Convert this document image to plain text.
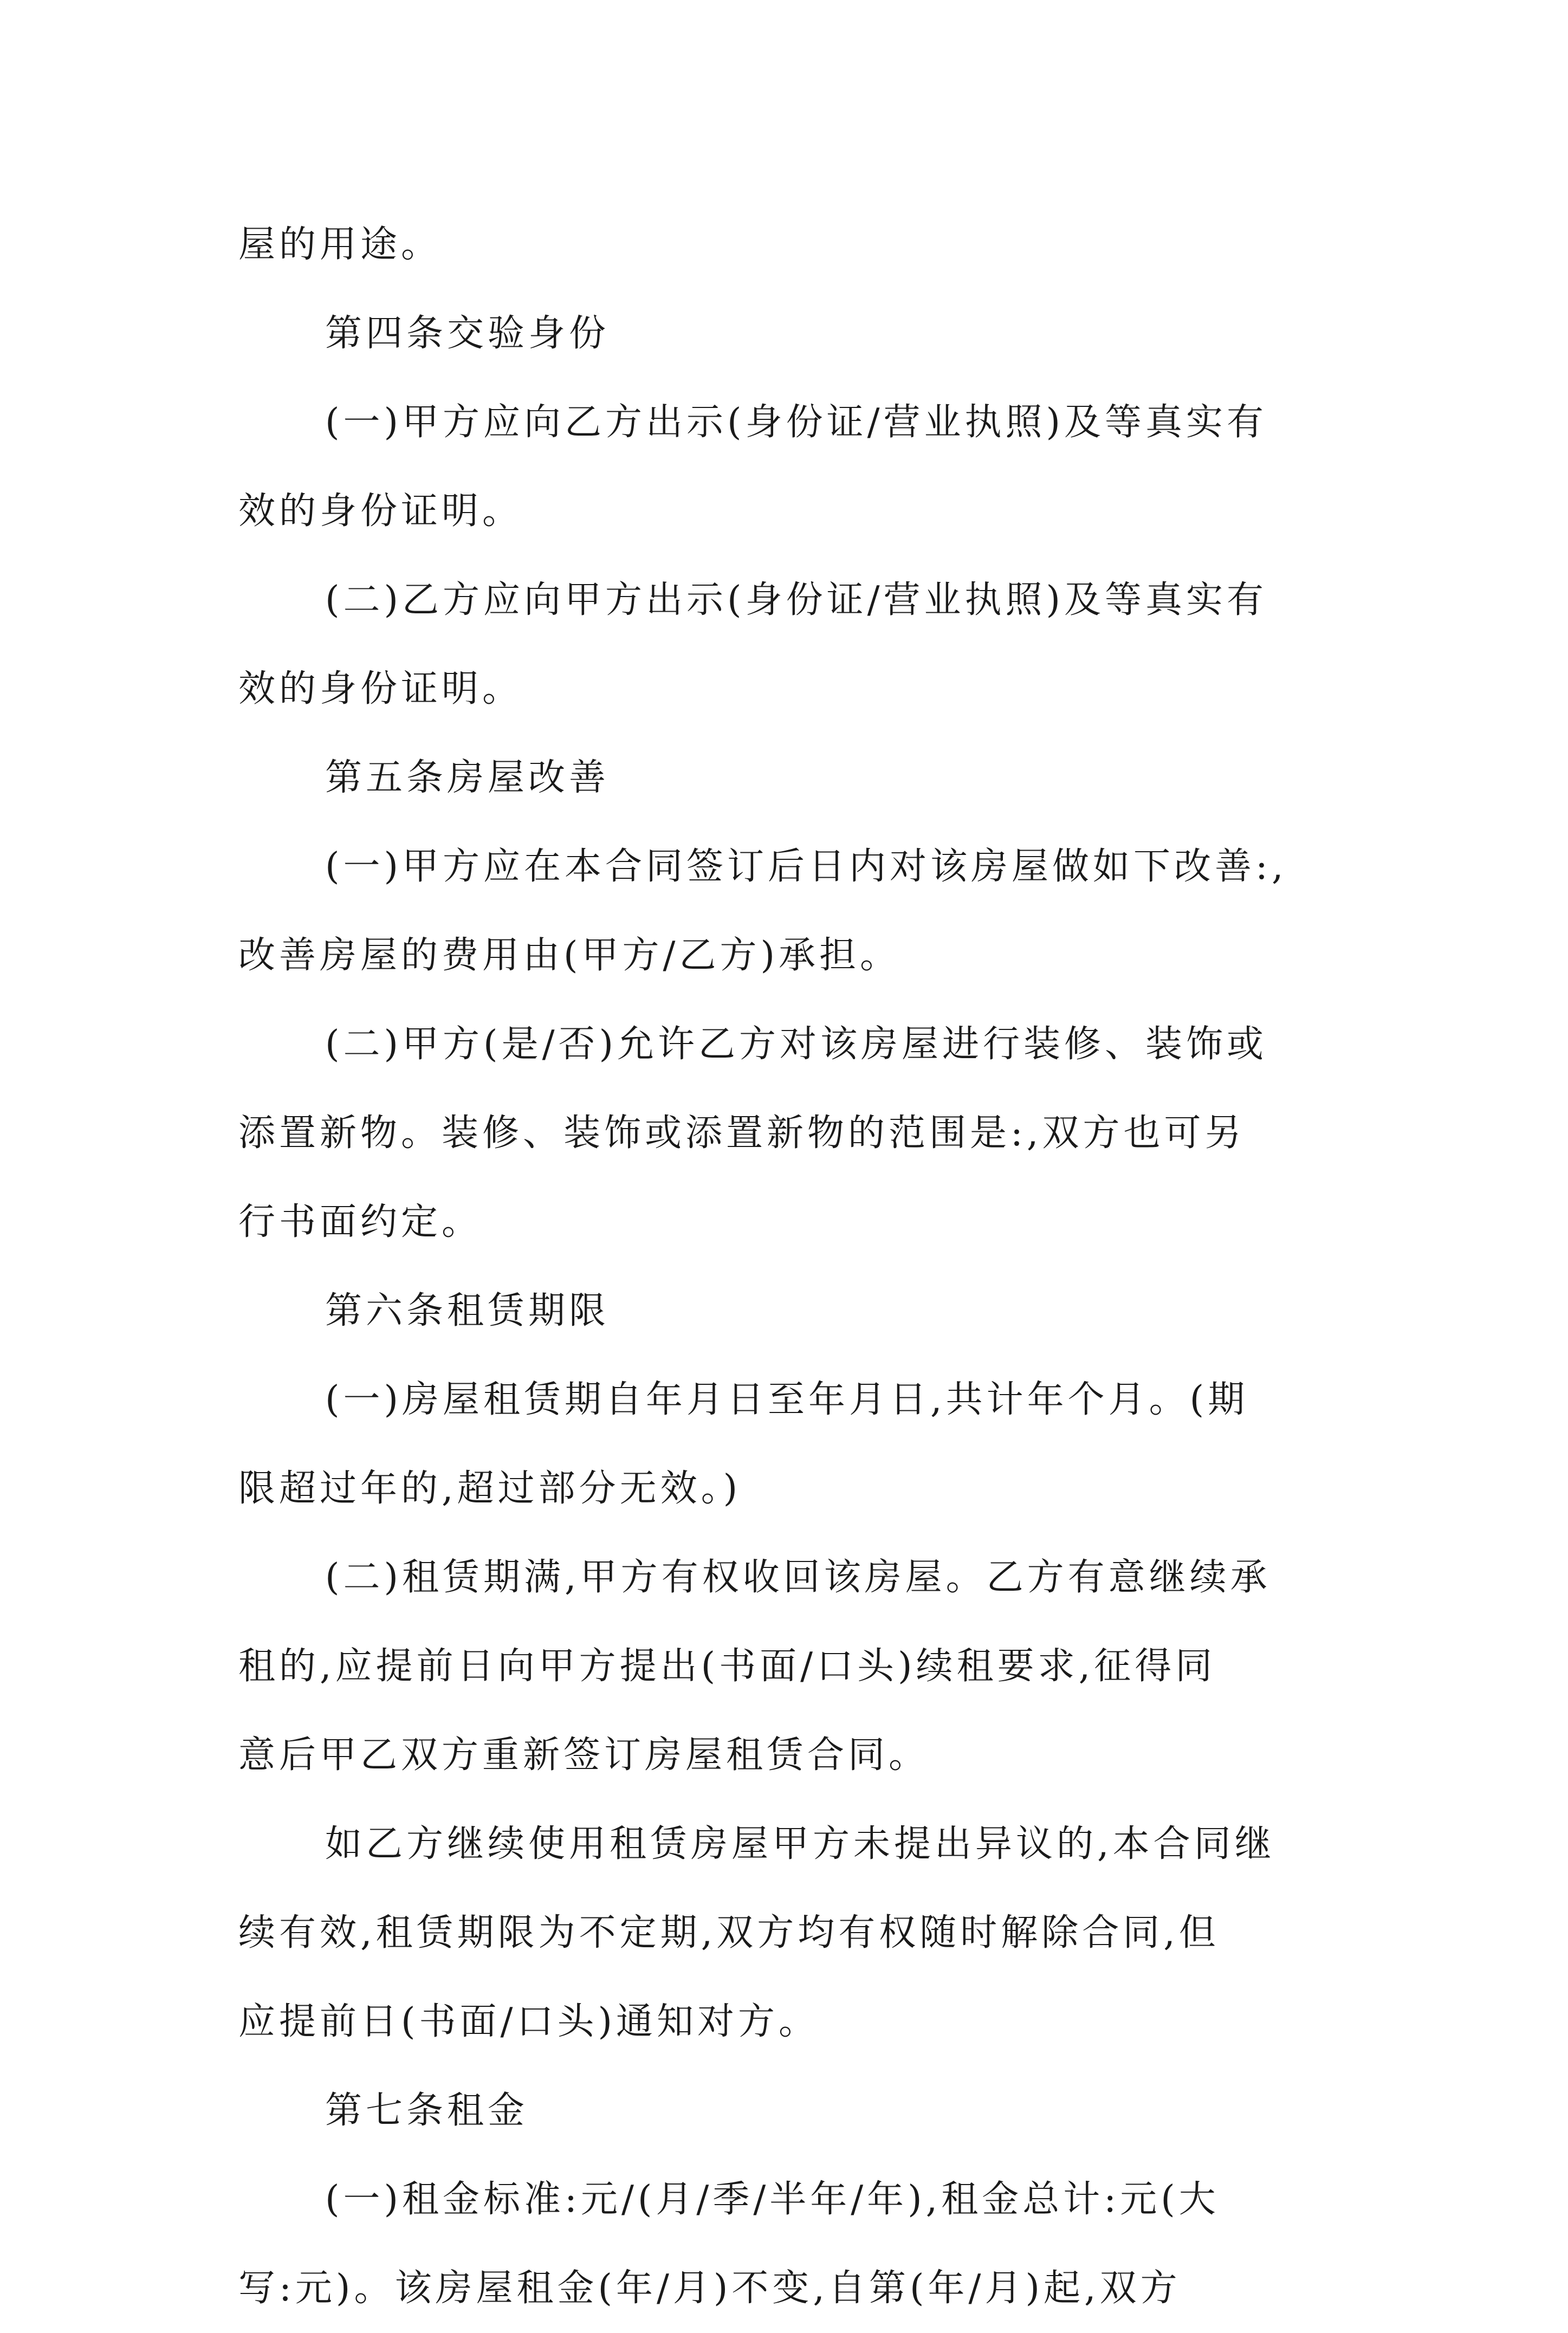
屋的用途。

第四条交验身份

(一)甲方应向乙方出示(身份证/营业执照)及等真实有

效的身份证明。

(二)乙方应向甲方出示(身份证/营业执照)及等真实有

效的身份证明。

第五条房屋改善

(一)甲方应在本合同签订后日内对该房屋做如下改善:,

改善房屋的费用由(甲方/乙方)承担。

(二)甲方(是/否)允许乙方对该房屋进行装修、装饰或

添置新物。装修、装饰或添置新物的范围是:,双方也可另

行书面约定。

第六条租赁期限

(一)房屋租赁期自年月日至年月日,共计年个月。(期

限超过年的,超过部分无效。)

(二)租赁期满,甲方有权收回该房屋。乙方有意继续承

租的,应提前日向甲方提出(书面/口头)续租要求,征得同

意后甲乙双方重新签订房屋租赁合同。

如乙方继续使用租赁房屋甲方未提出异议的,本合同继

续有效,租赁期限为不定期,双方均有权随时解除合同,但

应提前日(书面/口头)通知对方。

第七条租金

(一)租金标准:元/(月/季/半年/年),租金总计:元(大

写:元)。该房屋租金(年/月)不变,自第(年/月)起,双方
